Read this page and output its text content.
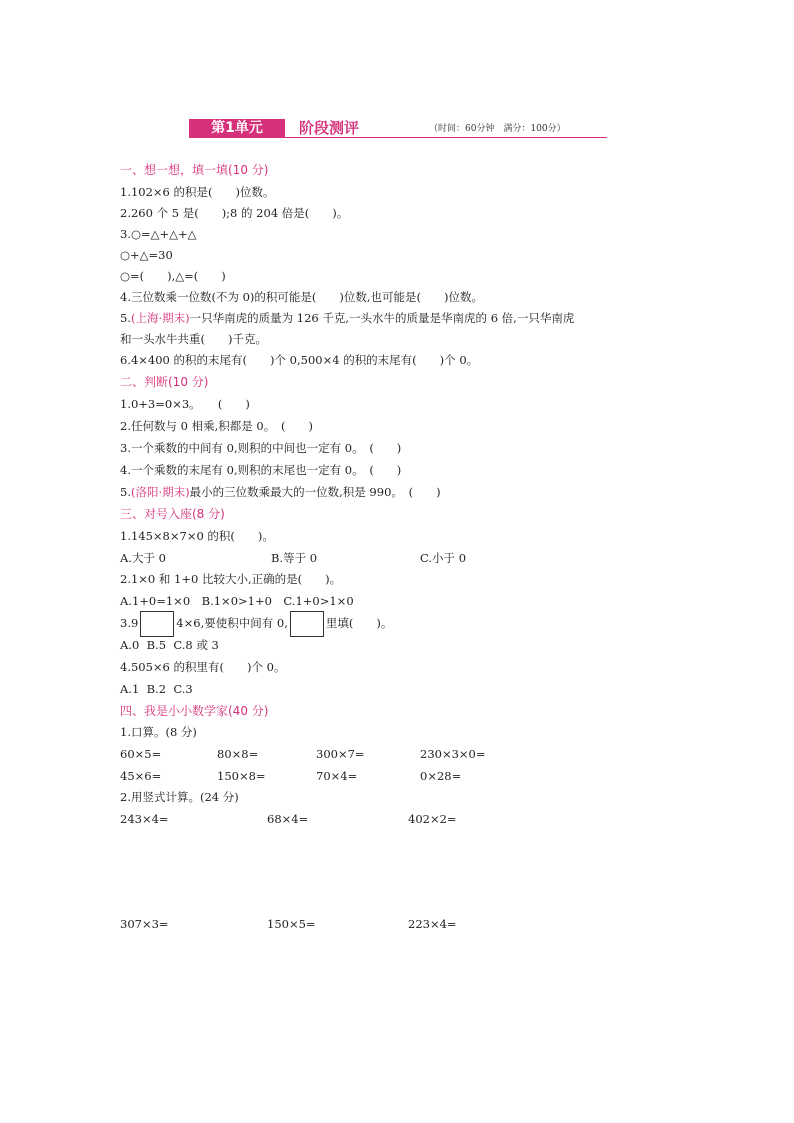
第1单元	阶段测评	（时间：60分钟　满分：100分）
一、想一想，填一填(10 分)
1.102×6 的积是(　　)位数。
2.260 个 5 是(　　);8 的 204 倍是(　　)。
3.○=△+△+△
○+△=30
○=(　　),△=(　　)
4.三位数乘一位数(不为 0)的积可能是(　　)位数,也可能是(　　)位数。
5.(上海·期末)一只华南虎的质量为 126 千克,一头水牛的质量是华南虎的 6 倍,一只华南虎
和一头水牛共重(　　)千克。
6.4×400 的积的末尾有(　　)个 0,500×4 的积的末尾有(　　)个 0。
二、判断(10 分)
1.0+3=0×3。　　(　　)
2.任何数与 0 相乘,积都是 0。　(　　)
3.一个乘数的中间有 0,则积的中间也一定有 0。　(　　)
4.一个乘数的末尾有 0,则积的末尾也一定有 0。　(　　)
5.(洛阳·期末)最小的三位数乘最大的一位数,积是 990。　(　　)
三、对号入座(8 分)
1.145×8×7×0 的积(　　)。
A.大于 0	B.等于 0	C.小于 0
2.1×0 和 1+0 比较大小,正确的是(　　)。
A.1+0=1×0　B.1×0>1+0　C.1+0>1×0
3.9	4×6,要使积中间有 0,	里填(　　)。
A.0  B.5  C.8 或 3
4.505×6 的积里有(　　)个 0。
A.1  B.2  C.3
四、我是小小数学家(40 分)
1.口算。(8 分)
60×5=	80×8=	300×7=	230×3×0=
45×6=	150×8=	70×4=	0×28=
2.用竖式计算。(24 分)
243×4=	68×4=	402×2=
307×3=	150×5=	223×4=
